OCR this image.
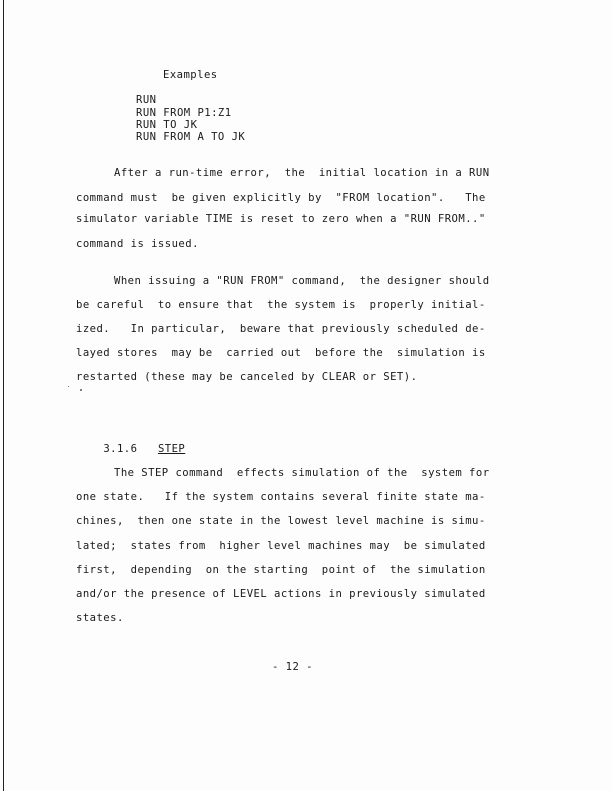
Examples
RUN
RUN FROM P1:Z1
RUN TO JK
RUN FROM A TO JK
After a run-time error,  the  initial location in a RUN
command must  be given explicitly by  "FROM location".   The
simulator variable TIME is reset to zero when a "RUN FROM.."
command is issued.
When issuing a "RUN FROM" command,  the designer should
be careful  to ensure that  the system is  properly initial-
ized.   In particular,  beware that previously scheduled de-
layed stores  may be  carried out  before the  simulation is
restarted (these may be canceled by CLEAR or SET).

3.1.6 STEP

The STEP command  effects simulation of the  system for
one state.   If the system contains several finite state ma-
chines,  then one state in the lowest level machine is simu-
lated;  states from  higher level machines may  be simulated
first,  depending  on the starting  point of  the simulation
and/or the presence of LEVEL actions in previously simulated
states.
- 12 -
